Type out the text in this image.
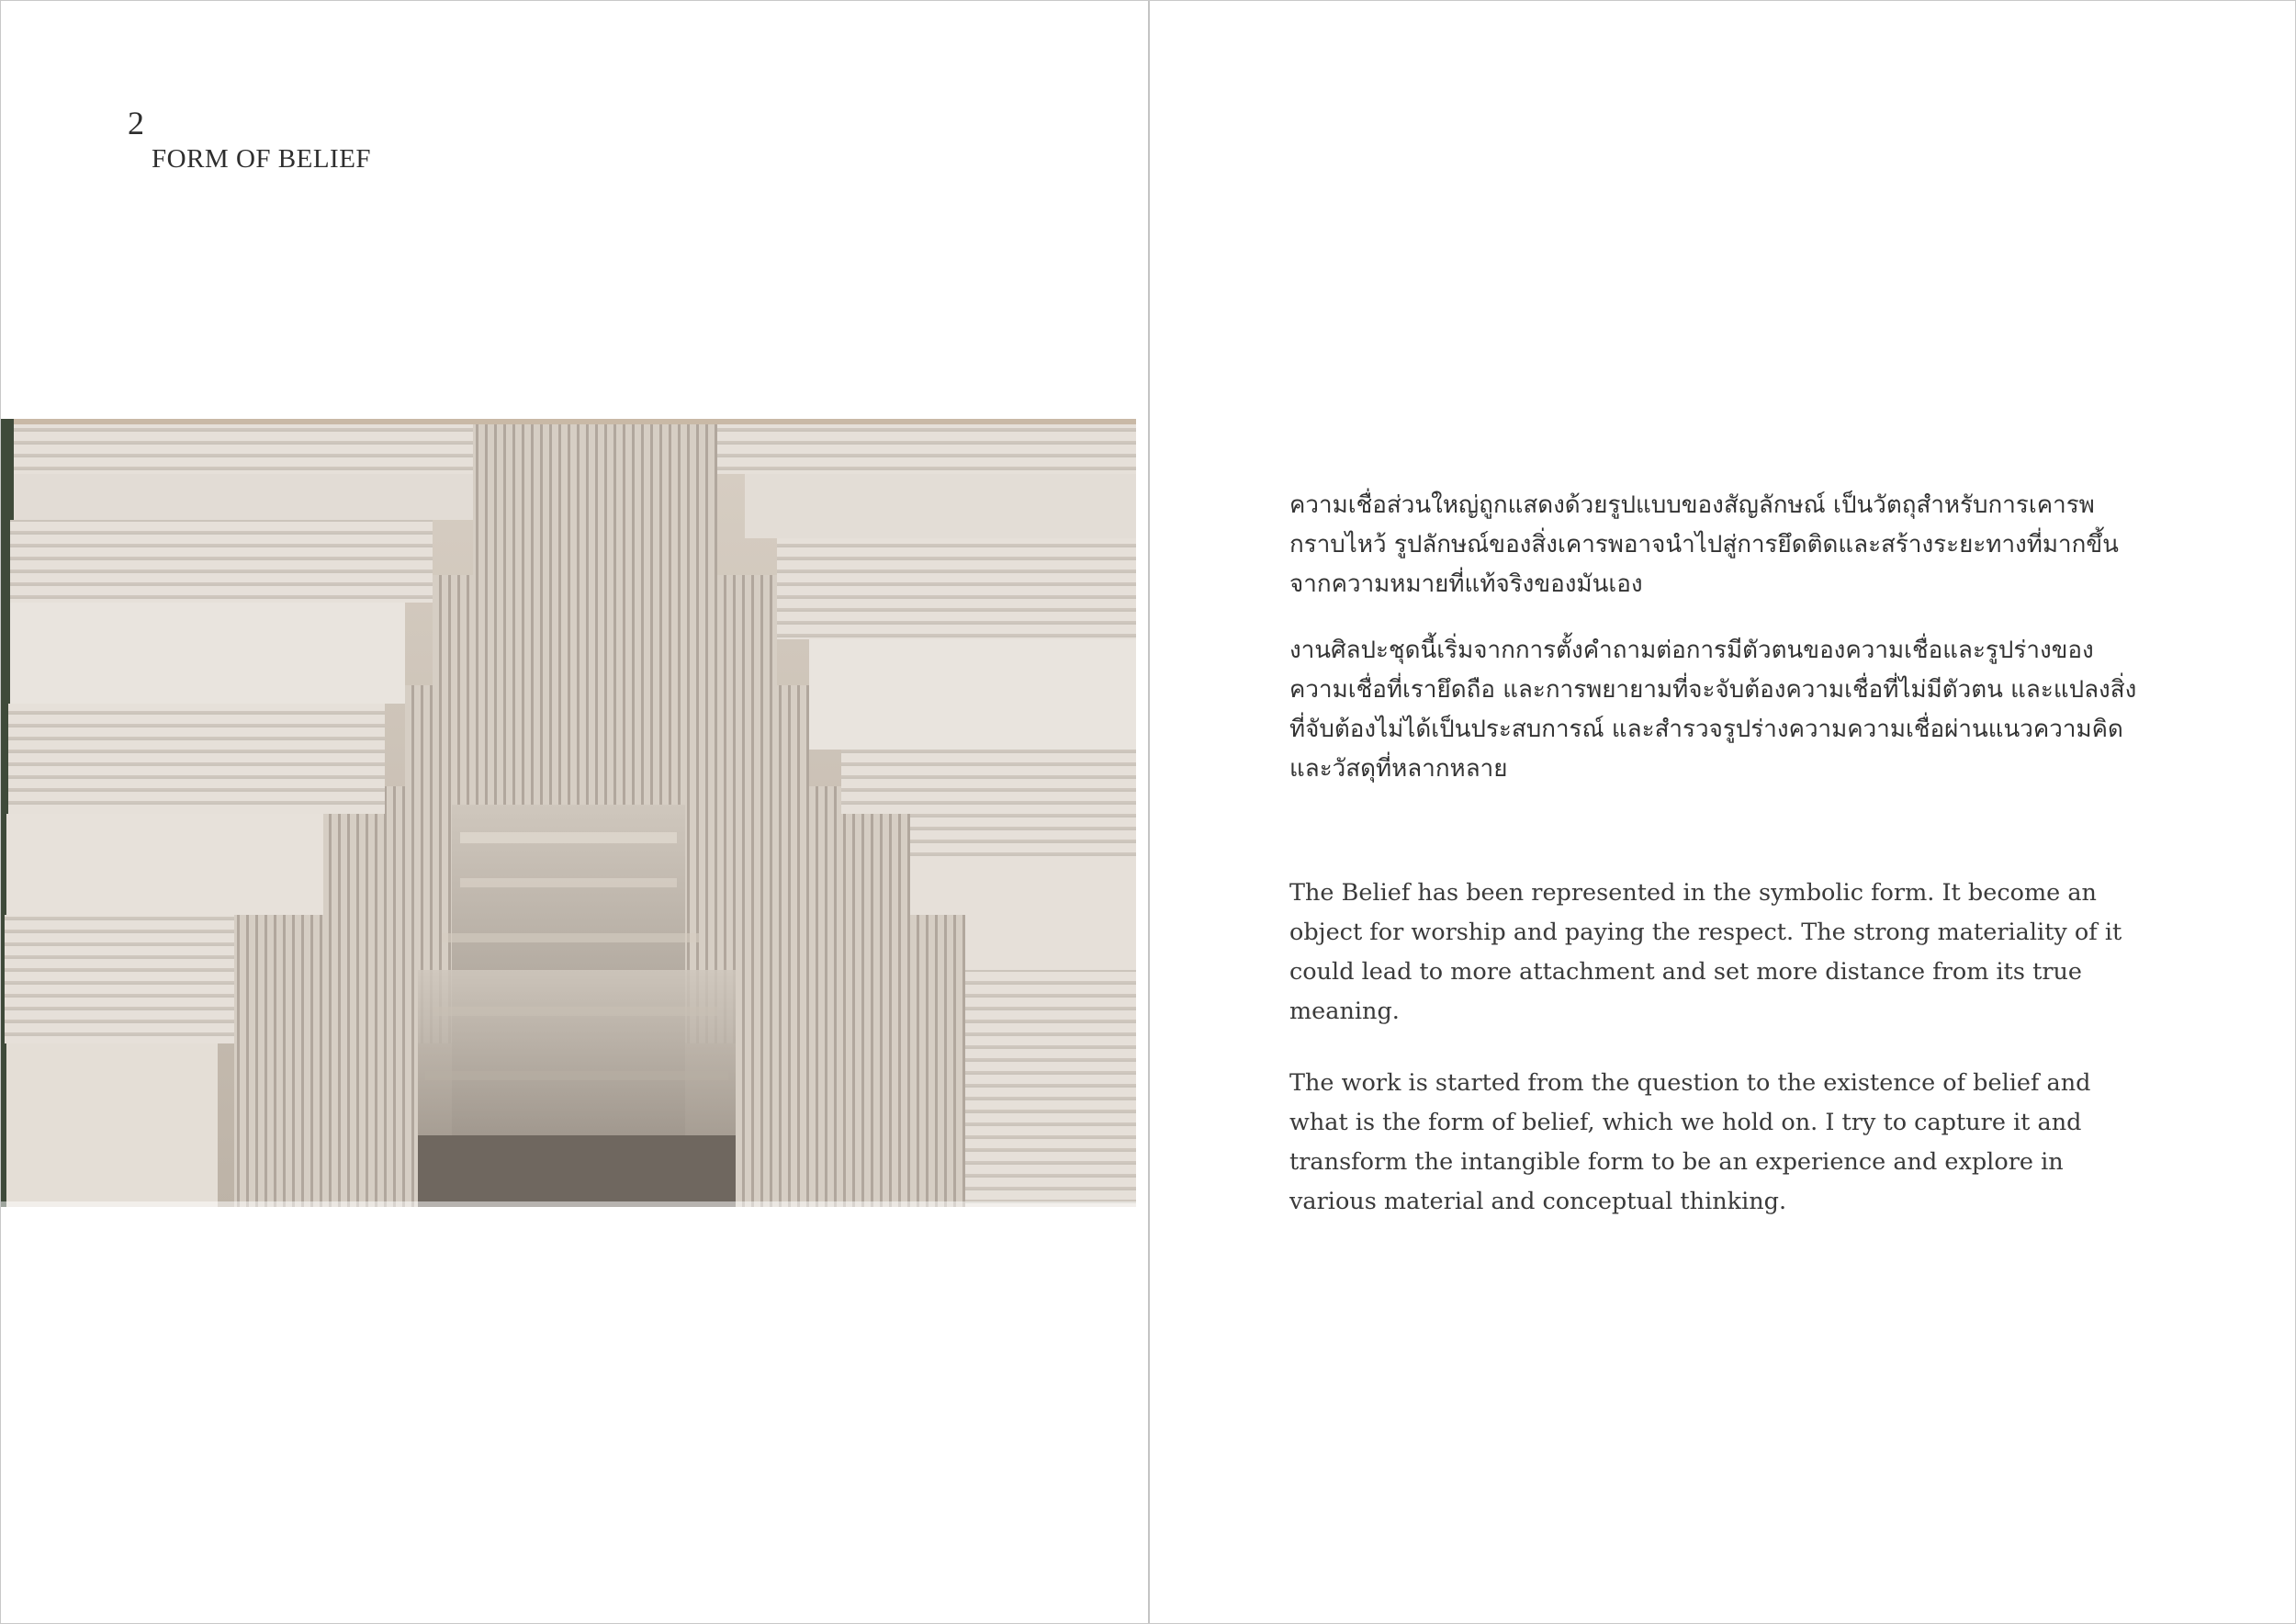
2
FORM OF BELIEF

ความเชื่อส่วนใหญ่ถูกแสดงด้วยรูปแบบของสัญลักษณ์ เป็นวัตถุสำหรับการเคารพกราบไหว้ รูปลักษณ์ของสิ่งเคารพอาจนำไปสู่การยึดติดและสร้างระยะทางที่มากขึ้นจากความหมายที่แท้จริงของมันเอง

งานศิลปะชุดนี้เริ่มจากการตั้งคำถามต่อการมีตัวตนของความเชื่อและรูปร่างของความเชื่อที่เรายึดถือ และการพยายามที่จะจับต้องความเชื่อที่ไม่มีตัวตน และแปลงสิ่งที่จับต้องไม่ได้เป็นประสบการณ์ และสำรวจรูปร่างความความเชื่อผ่านแนวความคิด และวัสดุที่หลากหลาย

The Belief has been represented in the symbolic form. It become an object for worship and paying the respect. The strong materiality of it could lead to more attachment and set more distance from its true meaning.

The work is started from the question to the existence of belief and what is the form of belief, which we hold on. I try to capture it and transform the intangible form to be an experience and explore in various material and conceptual thinking.
